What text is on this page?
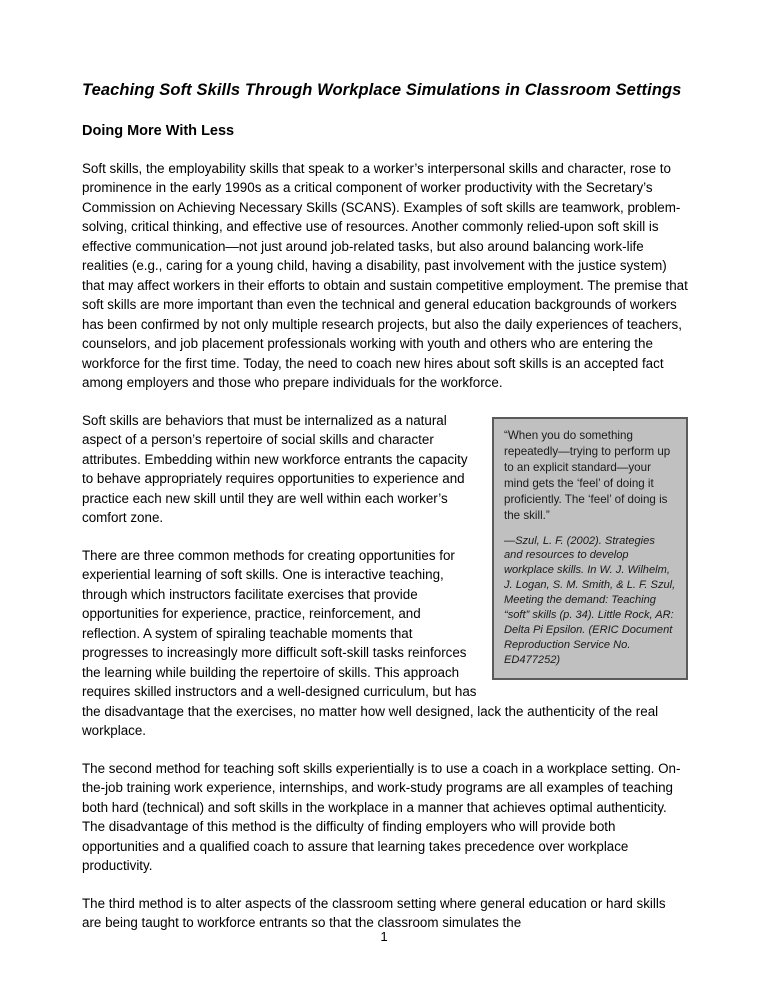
Teaching Soft Skills Through Workplace Simulations in Classroom Settings
Doing More With Less

Soft skills, the employability skills that speak to a worker’s interpersonal skills and character, rose to prominence in the early 1990s as a critical component of worker productivity with the Secretary’s Commission on Achieving Necessary Skills (SCANS). Examples of soft skills are teamwork, problem-solving, critical thinking, and effective use of resources. Another commonly relied-upon soft skill is effective communication—not just around job-related tasks, but also around balancing work-life realities (e.g., caring for a young child, having a disability, past involvement with the justice system) that may affect workers in their efforts to obtain and sustain competitive employment. The premise that soft skills are more important than even the technical and general education backgrounds of workers has been confirmed by not only multiple research projects, but also the daily experiences of teachers, counselors, and job placement professionals working with youth and others who are entering the workforce for the first time. Today, the need to coach new hires about soft skills is an accepted fact among employers and those who prepare individuals for the workforce.

“When you do something repeatedly—trying to perform up to an explicit standard—your mind gets the ‘feel’ of doing it proficiently. The ‘feel’ of doing is the skill.”

—Szul, L. F. (2002). Strategies and resources to develop workplace skills. In W. J. Wilhelm, J. Logan, S. M. Smith, & L. F. Szul, Meeting the demand: Teaching “soft” skills (p. 34). Little Rock, AR: Delta Pi Epsilon. (ERIC Document Reproduction Service No. ED477252)

Soft skills are behaviors that must be internalized as a natural aspect of a person’s repertoire of social skills and character attributes. Embedding within new workforce entrants the capacity to behave appropriately requires opportunities to experience and practice each new skill until they are well within each worker’s comfort zone.

There are three common methods for creating opportunities for experiential learning of soft skills. One is interactive teaching, through which instructors facilitate exercises that provide opportunities for experience, practice, reinforcement, and reflection. A system of spiraling teachable moments that progresses to increasingly more difficult soft-skill tasks reinforces the learning while building the repertoire of skills. This approach requires skilled instructors and a well-designed curriculum, but has the disadvantage that the exercises, no matter how well designed, lack the authenticity of the real workplace.

The second method for teaching soft skills experientially is to use a coach in a workplace setting. On-the-job training work experience, internships, and work-study programs are all examples of teaching both hard (technical) and soft skills in the workplace in a manner that achieves optimal authenticity. The disadvantage of this method is the difficulty of finding employers who will provide both opportunities and a qualified coach to assure that learning takes precedence over workplace productivity.

The third method is to alter aspects of the classroom setting where general education or hard skills are being taught to workforce entrants so that the classroom simulates the

1
